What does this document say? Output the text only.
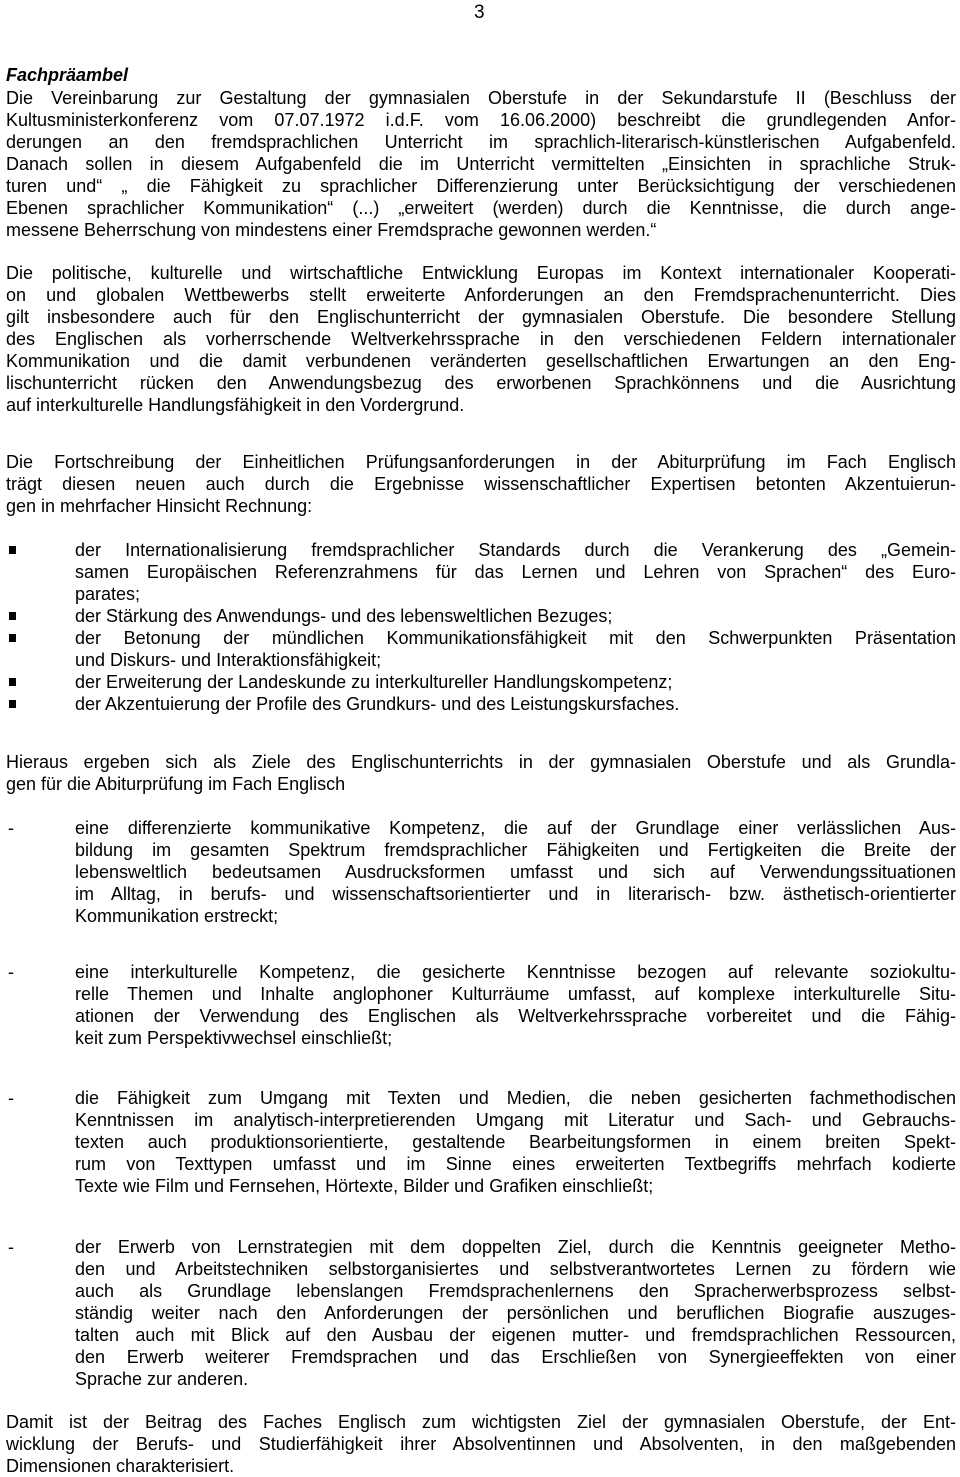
3
Fachpräambel
Die Vereinbarung zur Gestaltung der gymnasialen Oberstufe in der Sekundarstufe II (Beschluss der
Kultusministerkonferenz vom 07.07.1972 i.d.F. vom 16.06.2000) beschreibt die grundlegenden Anfor-
derungen an den fremdsprachlichen Unterricht im sprachlich-literarisch-künstlerischen Aufgabenfeld.
Danach sollen in diesem Aufgabenfeld die im Unterricht vermittelten „Einsichten in sprachliche Struk-
turen und“ „ die Fähigkeit zu sprachlicher Differenzierung unter Berücksichtigung der verschiedenen
Ebenen sprachlicher Kommunikation“ (...) „erweitert (werden) durch die Kenntnisse, die durch ange-
messene Beherrschung von mindestens einer Fremdsprache gewonnen werden.“
Die politische, kulturelle und wirtschaftliche Entwicklung Europas im Kontext internationaler Kooperati-
on und globalen Wettbewerbs stellt erweiterte Anforderungen an den Fremdsprachenunterricht. Dies
gilt insbesondere auch für den Englischunterricht der gymnasialen Oberstufe. Die besondere Stellung
des Englischen als vorherrschende Weltverkehrssprache in den verschiedenen Feldern internationaler
Kommunikation und die damit verbundenen veränderten gesellschaftlichen Erwartungen an den Eng-
lischunterricht rücken den Anwendungsbezug des erworbenen Sprachkönnens und die Ausrichtung
auf interkulturelle Handlungsfähigkeit in den Vordergrund.
Die Fortschreibung der Einheitlichen Prüfungsanforderungen in der Abiturprüfung im Fach Englisch
trägt diesen neuen auch durch die Ergebnisse wissenschaftlicher Expertisen betonten Akzentuierun-
gen in mehrfacher Hinsicht Rechnung:
der Internationalisierung fremdsprachlicher Standards durch die Verankerung des „Gemein-
samen Europäischen Referenzrahmens für das Lernen und Lehren von Sprachen“ des Euro-
parates;
der Stärkung des Anwendungs- und des lebensweltlichen Bezuges;
der Betonung der mündlichen Kommunikationsfähigkeit mit den Schwerpunkten Präsentation
und Diskurs- und Interaktionsfähigkeit;
der Erweiterung der Landeskunde zu interkultureller Handlungskompetenz;
der Akzentuierung der Profile des Grundkurs- und des Leistungskursfaches.
Hieraus ergeben sich als Ziele des Englischunterrichts in der gymnasialen Oberstufe und als Grundla-
gen für die Abiturprüfung im Fach Englisch
-	eine differenzierte kommunikative Kompetenz, die auf der Grundlage einer verlässlichen Aus-
bildung im gesamten Spektrum fremdsprachlicher Fähigkeiten und Fertigkeiten die Breite der
lebensweltlich bedeutsamen Ausdrucksformen umfasst und sich auf Verwendungssituationen
im Alltag, in berufs- und wissenschaftsorientierter und in literarisch- bzw. ästhetisch-orientierter
Kommunikation erstreckt;
-	eine interkulturelle Kompetenz, die gesicherte Kenntnisse bezogen auf relevante soziokultu-
relle Themen und Inhalte anglophoner Kulturräume umfasst, auf komplexe interkulturelle Situ-
ationen der Verwendung des Englischen als Weltverkehrssprache vorbereitet und die Fähig-
keit zum Perspektivwechsel einschließt;
-	die Fähigkeit zum Umgang mit Texten und Medien, die neben gesicherten fachmethodischen
Kenntnissen im analytisch-interpretierenden Umgang mit Literatur und Sach- und Gebrauchs-
texten auch produktionsorientierte, gestaltende Bearbeitungsformen in einem breiten Spekt-
rum von Texttypen umfasst und im Sinne eines erweiterten Textbegriffs mehrfach kodierte
Texte wie Film und Fernsehen, Hörtexte, Bilder und Grafiken einschließt;
-	der Erwerb von Lernstrategien mit dem doppelten Ziel, durch die Kenntnis geeigneter Metho-
den und Arbeitstechniken selbstorganisiertes und selbstverantwortetes Lernen zu fördern wie
auch als Grundlage lebenslangen Fremdsprachenlernens den Spracherwerbsprozess selbst-
ständig weiter nach den Anforderungen der persönlichen und beruflichen Biografie auszuges-
talten auch mit Blick auf den Ausbau der eigenen mutter- und fremdsprachlichen Ressourcen,
den Erwerb weiterer Fremdsprachen und das Erschließen von Synergieeffekten von einer
Sprache zur anderen.
Damit ist der Beitrag des Faches Englisch zum wichtigsten Ziel der gymnasialen Oberstufe, der Ent-
wicklung der Berufs- und Studierfähigkeit ihrer Absolventinnen und Absolventen, in den maßgebenden
Dimensionen charakterisiert.
